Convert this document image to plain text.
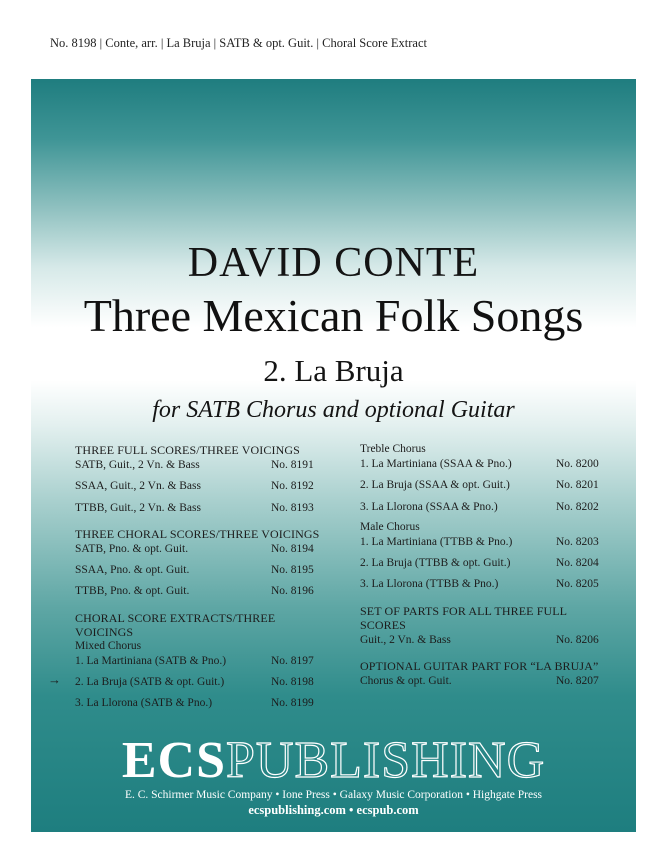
No. 8198 | Conte, arr. | La Bruja | SATB & opt. Guit. | Choral Score Extract
DAVID CONTE
Three Mexican Folk Songs
2. La Bruja
for SATB Chorus and optional Guitar
THREE FULL SCORES/THREE VOICINGS
SATB, Guit., 2 Vn. & Bass	No. 8191
SSAA, Guit., 2 Vn. & Bass	No. 8192
TTBB, Guit., 2 Vn. & Bass	No. 8193
THREE CHORAL SCORES/THREE VOICINGS
SATB, Pno. & opt. Guit.	No. 8194
SSAA, Pno. & opt. Guit.	No. 8195
TTBB, Pno. & opt. Guit.	No. 8196
CHORAL SCORE EXTRACTS/THREE VOICINGS
Mixed Chorus
1. La Martiniana (SATB & Pno.)	No. 8197
→ 2. La Bruja (SATB & opt. Guit.)	No. 8198
3. La Llorona (SATB & Pno.)	No. 8199
Treble Chorus
1. La Martiniana (SSAA & Pno.)	No. 8200
2. La Bruja (SSAA & opt. Guit.)	No. 8201
3. La Llorona (SSAA & Pno.)	No. 8202
Male Chorus
1. La Martiniana (TTBB & Pno.)	No. 8203
2. La Bruja (TTBB & opt. Guit.)	No. 8204
3. La Llorona (TTBB & Pno.)	No. 8205
SET OF PARTS FOR ALL THREE FULL SCORES
Guit., 2 Vn. & Bass	No. 8206
OPTIONAL GUITAR PART FOR “LA BRUJA”
Chorus & opt. Guit.	No. 8207
ECSPUBLISHING
E. C. Schirmer Music Company • Ione Press • Galaxy Music Corporation • Highgate Press
ecspublishing.com • ecspub.com
